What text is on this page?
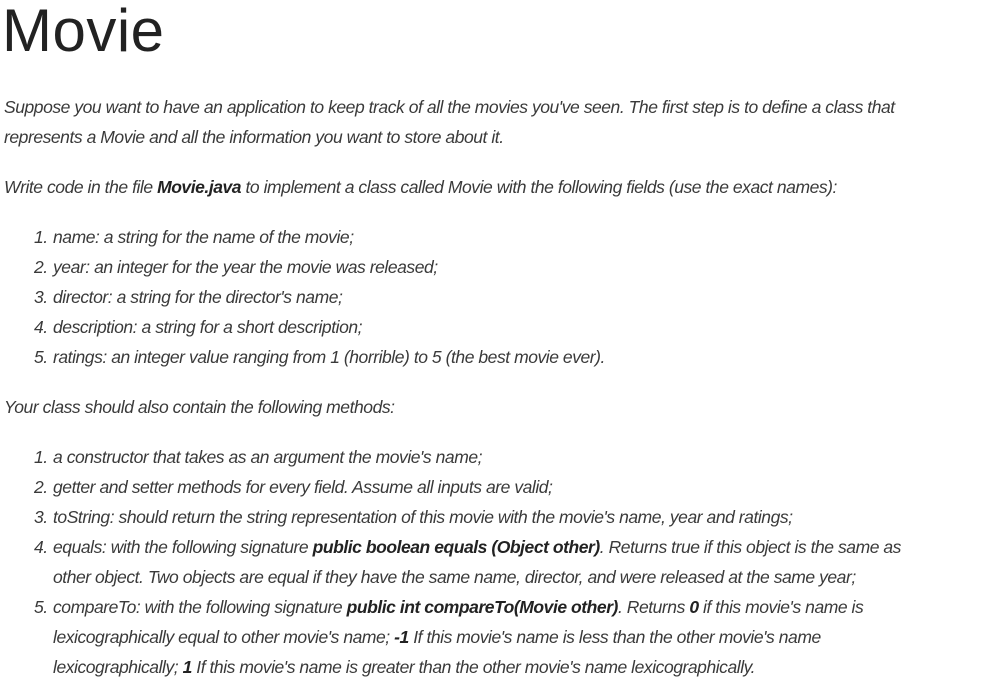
Movie

Suppose you want to have an application to keep track of all the movies you've seen. The first step is to define a class that

represents a Movie and all the information you want to store about it.

Write code in the file Movie.java to implement a class called Movie with the following fields (use the exact names):

1. name: a string for the name of the movie;

2. year: an integer for the year the movie was released;

3. director: a string for the director's name;

4. description: a string for a short description;

5. ratings: an integer value ranging from 1 (horrible) to 5 (the best movie ever).

Your class should also contain the following methods:

1. a constructor that takes as an argument the movie's name;

2. getter and setter methods for every field. Assume all inputs are valid;

3. toString: should return the string representation of this movie with the movie's name, year and ratings;

4. equals: with the following signature public boolean equals (Object other). Returns true if this object is the same as

other object. Two objects are equal if they have the same name, director, and were released at the same year;

5. compareTo: with the following signature public int compareTo(Movie other). Returns 0 if this movie's name is

lexicographically equal to other movie's name; -1 If this movie's name is less than the other movie's name

lexicographically; 1 If this movie's name is greater than the other movie's name lexicographically.
